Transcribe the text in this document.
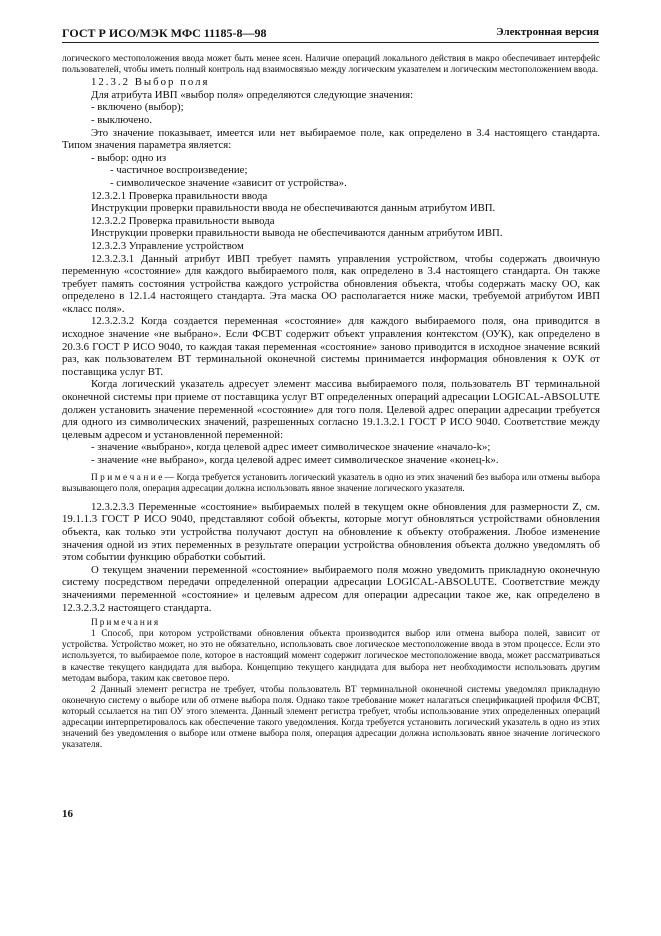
ГОСТ Р ИСО/МЭК МФС 11185-8—98	Электронная версия

логического местоположения ввода может быть менее ясен. Наличие операций локального действия в макро обеспечивает интерфейс пользователей, чтобы иметь полный контроль над взаимосвязью между логическим указателем и логическим местоположением ввода.

12.3.2 Выбор поля

Для атрибута ИВП «выбор поля» определяются следующие значения:

- включено (выбор);

- выключено.

Это значение показывает, имеется или нет выбираемое поле, как определено в 3.4 настоящего стандарта. Типом значения параметра является:

- выбор: одно из

- частичное воспроизведение;

- символическое значение «зависит от устройства».

12.3.2.1 Проверка правильности ввода

Инструкции проверки правильности ввода не обеспечиваются данным атрибутом ИВП.

12.3.2.2 Проверка правильности вывода

Инструкции проверки правильности вывода не обеспечиваются данным атрибутом ИВП.

12.3.2.3 Управление устройством

12.3.2.3.1 Данный атрибут ИВП требует память управления устройством, чтобы содержать двоичную переменную «состояние» для каждого выбираемого поля, как определено в 3.4 настоящего стандарта. Он также требует память состояния устройства каждого устройства обновления объекта, чтобы содержать маску ОО, как определено в 12.1.4 настоящего стандарта. Эта маска ОО располагается ниже маски, требуемой атрибутом ИВП «класс поля».

12.3.2.3.2 Когда создается переменная «состояние» для каждого выбираемого поля, она приводится в исходное значение «не выбрано». Если ФСВТ содержит объект управления контекстом (ОУК), как определено в 20.3.6 ГОСТ Р ИСО 9040, то каждая такая переменная «состояние» заново приводится в исходное значение всякий раз, как пользователем ВТ терминальной оконечной системы принимается информация обновления к ОУК от поставщика услуг ВТ.

Когда логический указатель адресует элемент массива выбираемого поля, пользователь ВТ терминальной оконечной системы при приеме от поставщика услуг ВТ определенных операций адресации LOGICAL-ABSOLUTE должен установить значение переменной «состояние» для того поля. Целевой адрес операции адресации требуется для одного из символических значений, разрешенных согласно 19.1.3.2.1 ГОСТ Р ИСО 9040. Соответствие между целевым адресом и установленной переменной:

- значение «выбрано», когда целевой адрес имеет символическое значение «начало-k»;

- значение «не выбрано», когда целевой адрес имеет символическое значение «конец-k».

П р и м е ч а н и е — Когда требуется установить логический указатель в одно из этих значений без выбора или отмены выбора вызывающего поля, операция адресации должна использовать явное значение логического указателя.

12.3.2.3.3 Переменные «состояние» выбираемых полей в текущем окне обновления для размерности Z, см. 19.1.1.3 ГОСТ Р ИСО 9040, представляют собой объекты, которые могут обновляться устройствами обновления объекта, как только эти устройства получают доступ на обновление к объекту отображения. Любое изменение значения одной из этих переменных в результате операции устройства обновления объекта должно уведомлять об этом событии функцию обработки событий.

О текущем значении переменной «состояние» выбираемого поля можно уведомить прикладную оконечную систему посредством передачи определенной операции адресации LOGICAL-ABSOLUTE. Соответствие между значениями переменной «состояние» и целевым адресом для операции адресации такое же, как определено в 12.3.2.3.2 настоящего стандарта.

Примечания

1 Способ, при котором устройствами обновления объекта производится выбор или отмена выбора полей, зависит от устройства. Устройство может, но это не обязательно, использовать свое логическое местоположение ввода в этом процессе. Если это используется, то выбираемое поле, которое в настоящий момент содержит логическое местоположение ввода, может рассматриваться в качестве текущего кандидата для выбора. Концепцию текущего кандидата для выбора нет необходимости использовать другим методам выбора, таким как световое перо.

2 Данный элемент регистра не требует, чтобы пользователь ВТ терминальной оконечной системы уведомлял прикладную оконечную систему о выборе или об отмене выбора поля. Однако такое требование может налагаться спецификацией профиля ФСВТ, который ссылается на тип ОУ этого элемента. Данный элемент регистра требует, чтобы использование этих определенных операций адресации интерпретировалось как обеспечение такого уведомления. Когда требуется установить логический указатель в одно из этих значений без уведомления о выборе или отмене выбора поля, операция адресации должна использовать явное значение логического указателя.

16
